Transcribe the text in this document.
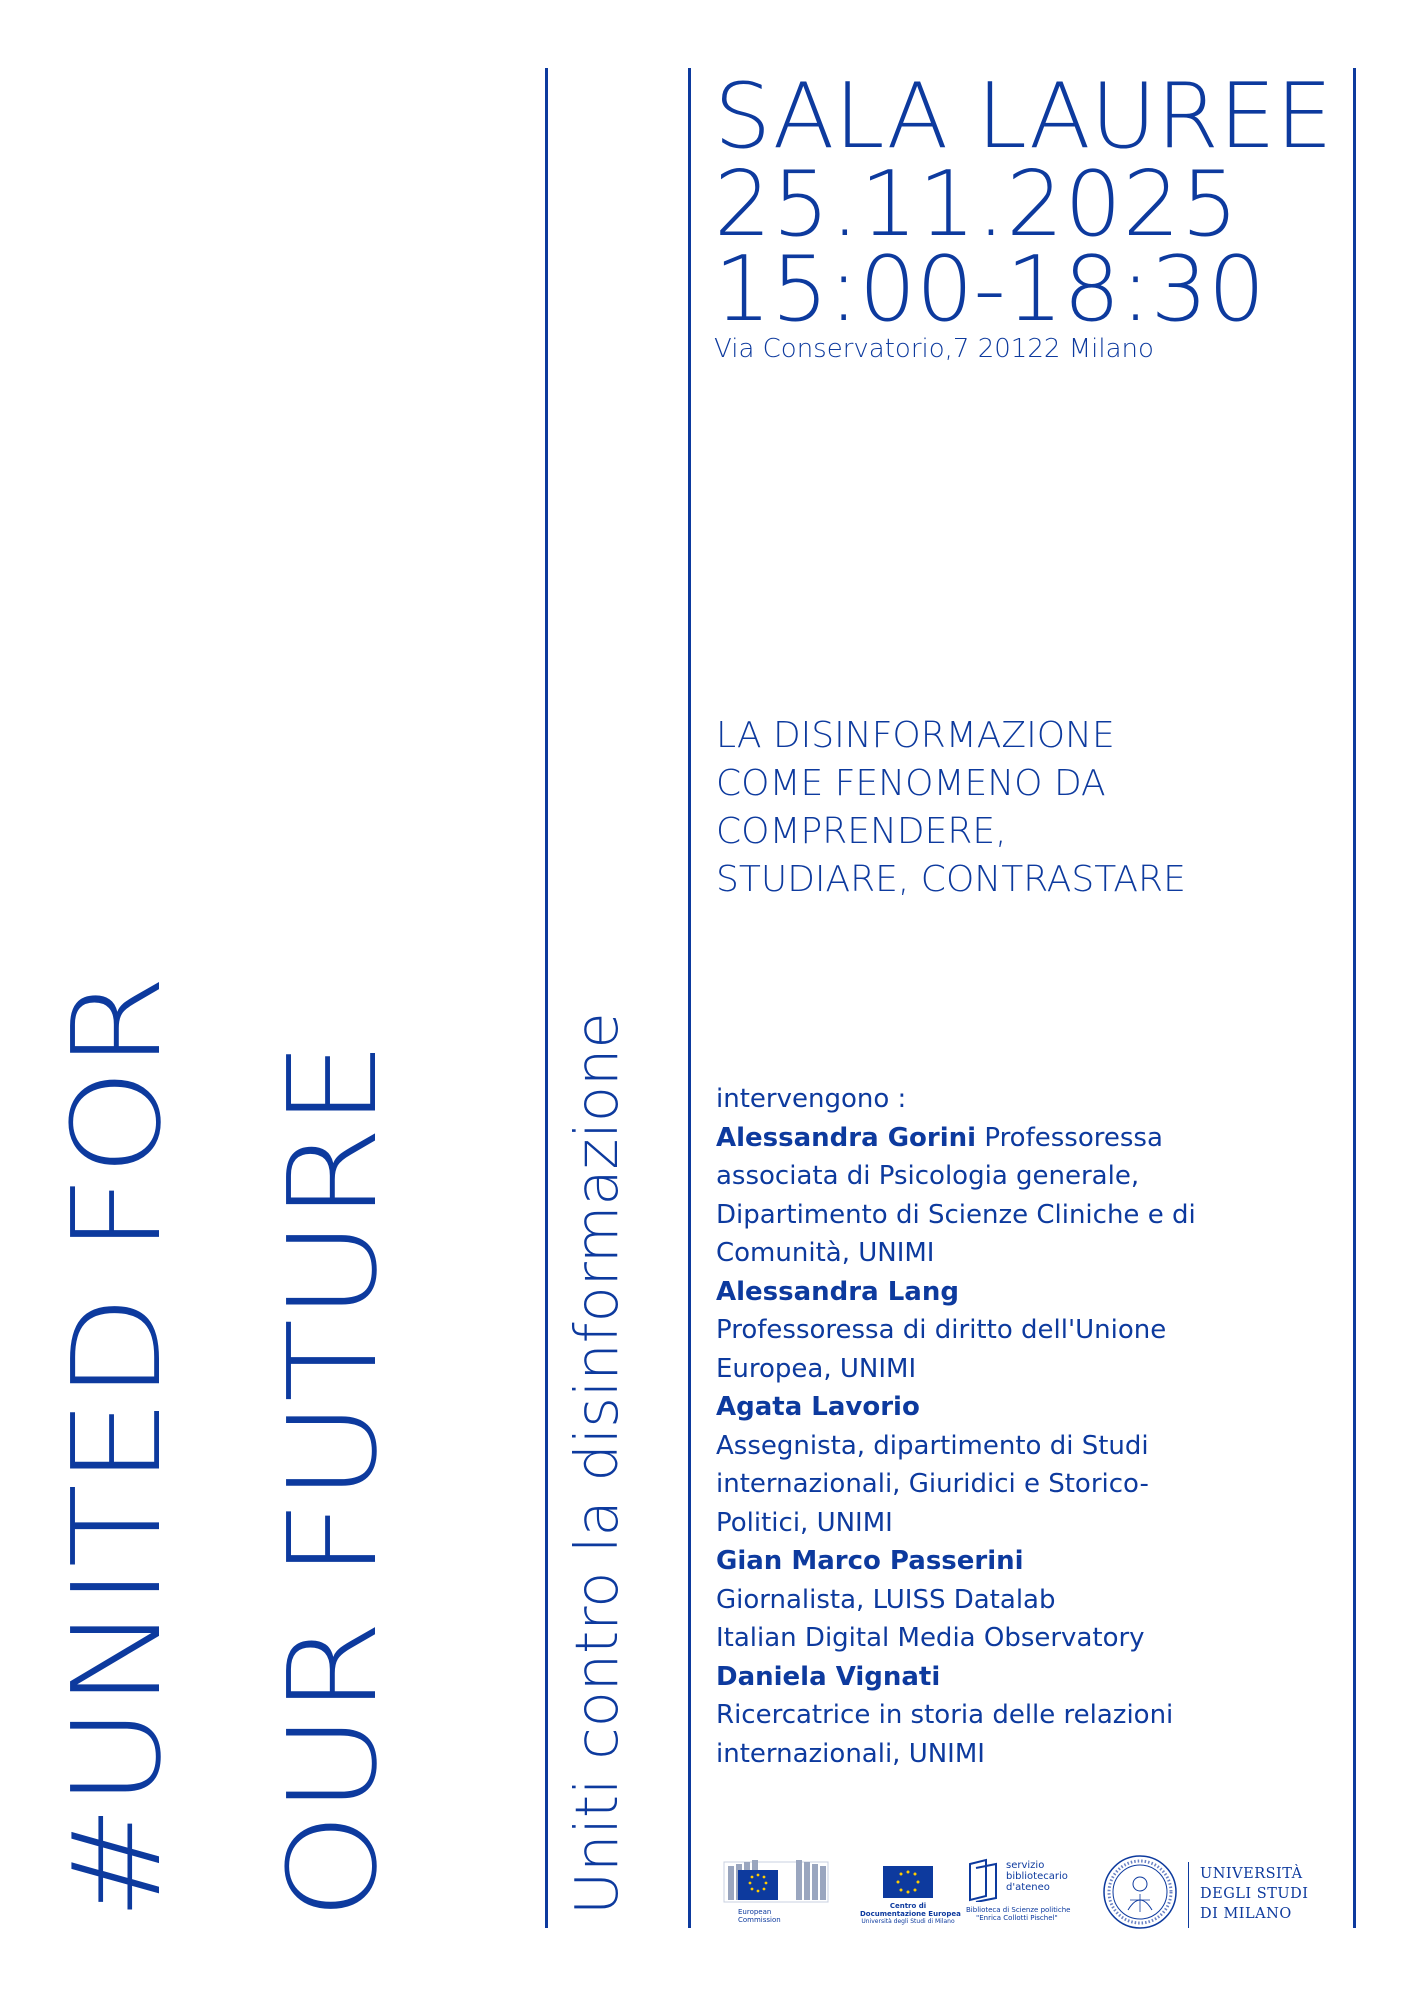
#UNITED FOR OUR FUTURE	Uniti contro la disinformazione
SALA LAUREE
25.11.2025
15:00-18:30
Via Conservatorio,7 20122 Milano
LA DISINFORMAZIONE
COME FENOMENO DA
COMPRENDERE,
STUDIARE, CONTRASTARE
intervengono :
Alessandra Gorini Professoressa
associata di Psicologia generale,
Dipartimento di Scienze Cliniche e di
Comunità, UNIMI
Alessandra Lang
Professoressa di diritto dell'Unione
Europea, UNIMI
Agata Lavorio
Assegnista, dipartimento di Studi
internazionali, Giuridici e Storico-
Politici, UNIMI
Gian Marco Passerini
Giornalista, LUISS Datalab
Italian Digital Media Observatory
Daniela Vignati
Ricercatrice in storia delle relazioni
internazionali, UNIMI
European
Commission
Centro di
Documentazione Europea
Università degli Studi di Milano
servizio
bibliotecario
d'ateneo
Biblioteca di Scienze politiche
"Enrica Collotti Pischel"
UNIVERSITÀ
DEGLI STUDI
DI MILANO
